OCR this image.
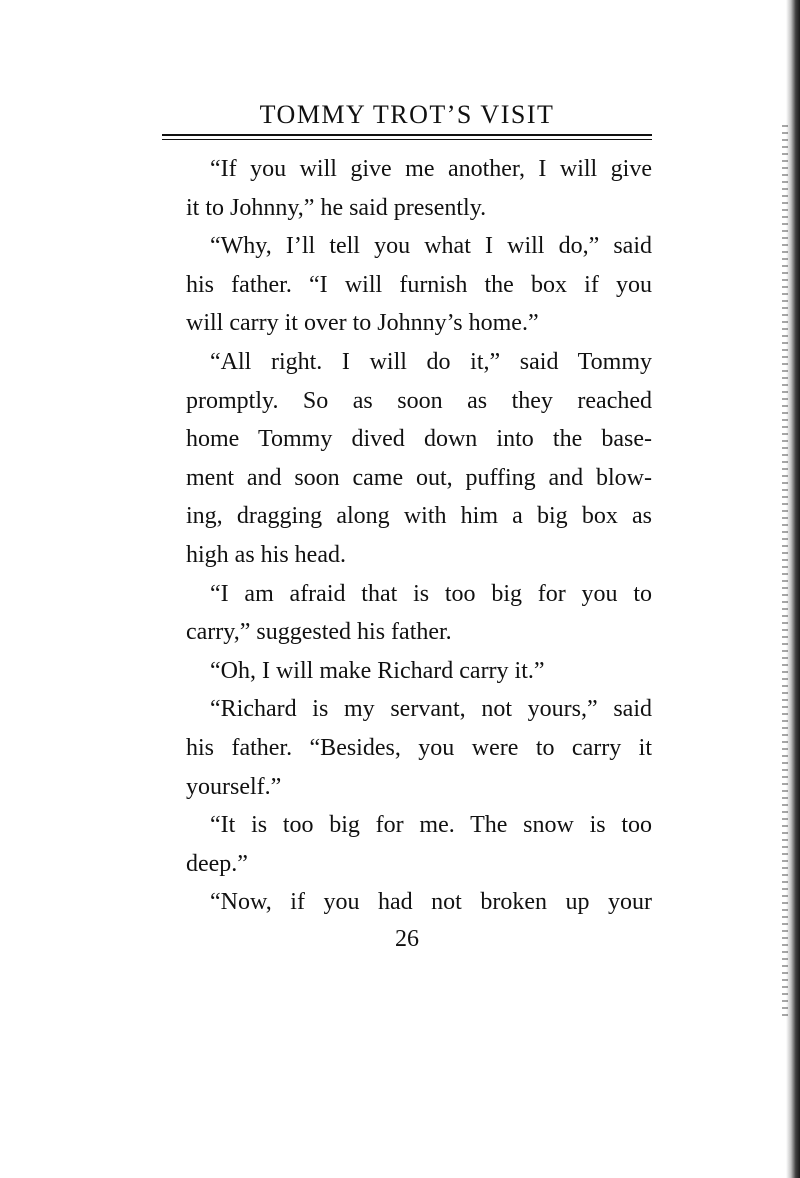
TOMMY TROT’S VISIT
“If you will give me another, I will give
it to Johnny,” he said presently.
“Why, I’ll tell you what I will do,” said
his father. “I will furnish the box if you
will carry it over to Johnny’s home.”
“All right. I will do it,” said Tommy
promptly. So as soon as they reached
home Tommy dived down into the base-
ment and soon came out, puffing and blow-
ing, dragging along with him a big box as
high as his head.
“I am afraid that is too big for you to
carry,” suggested his father.
“Oh, I will make Richard carry it.”
“Richard is my servant, not yours,” said
his father. “Besides, you were to carry it
yourself.”
“It is too big for me. The snow is too
deep.”
“Now, if you had not broken up your
26
